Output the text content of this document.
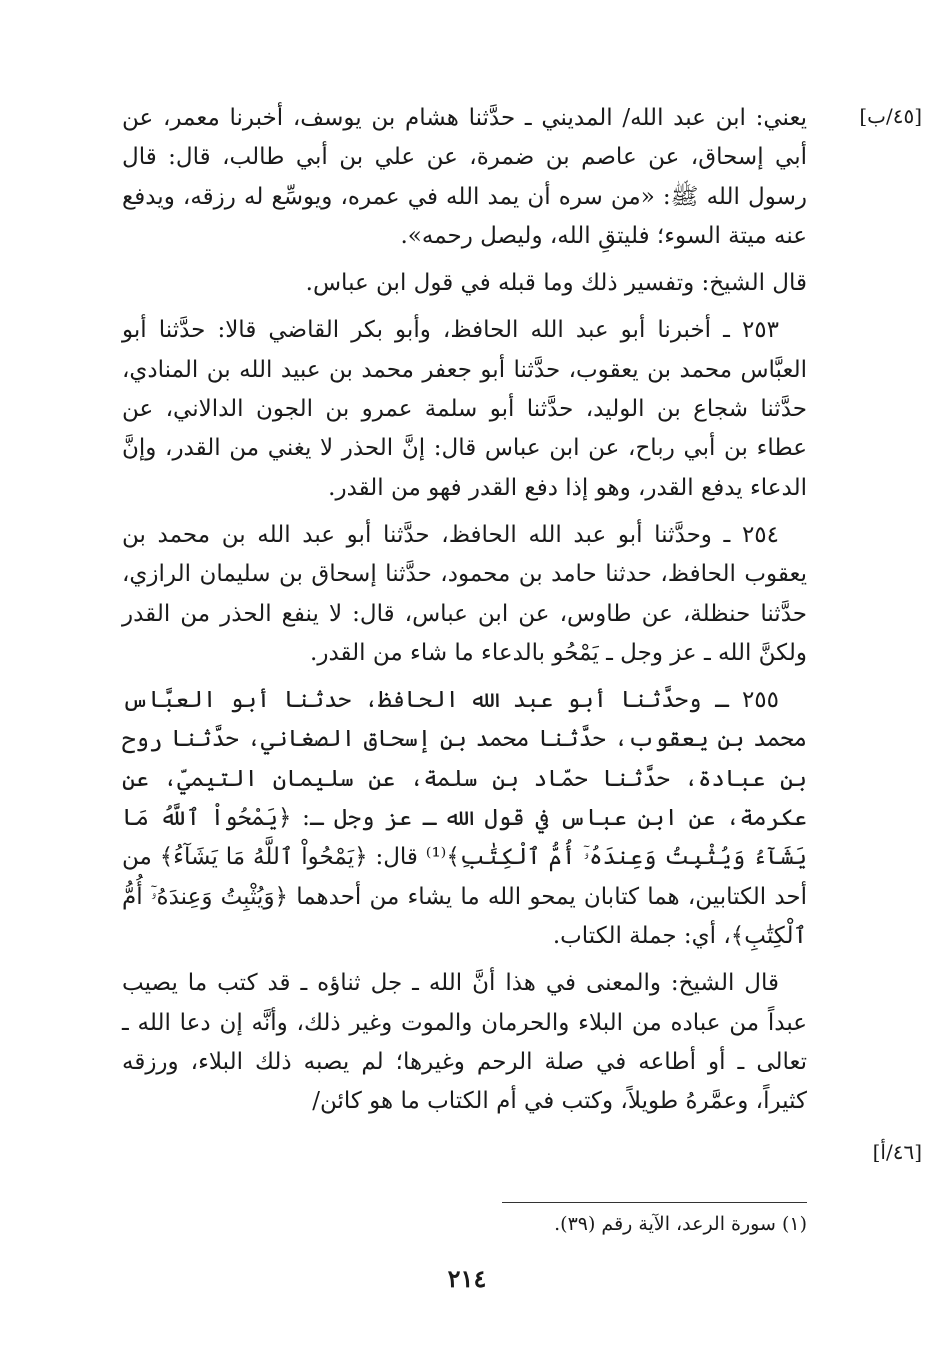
[٤٥/ب]

يعني: ابن عبد الله/ المديني ـ حدَّثنا هشام بن يوسف، أخبرنا معمر، عن أبي إسحاق، عن عاصم بن ضمرة، عن علي بن أبي طالب، قال: قال رسول الله ﷺ: «من سره أن يمد الله في عمره، ويوسِّع له رزقه، ويدفع عنه ميتة السوء؛ فليتقِ الله، وليصل رحمه».

قال الشيخ: وتفسير ذلك وما قبله في قول ابن عباس.

٢٥٣ ـ أخبرنا أبو عبد الله الحافظ، وأبو بكر القاضي قالا: حدَّثنا أبو العبَّاس محمد بن يعقوب، حدَّثنا أبو جعفر محمد بن عبيد الله بن المنادي، حدَّثنا شجاع بن الوليد، حدَّثنا أبو سلمة عمرو بن الجون الدالاني، عن عطاء بن أبي رباح، عن ابن عباس قال: إنَّ الحذر لا يغني من القدر، وإنَّ الدعاء يدفع القدر، وهو إذا دفع القدر فهو من القدر.

٢٥٤ ـ وحدَّثنا أبو عبد الله الحافظ، حدَّثنا أبو عبد الله بن محمد بن يعقوب الحافظ، حدثنا حامد بن محمود، حدَّثنا إسحاق بن سليمان الرازي، حدَّثنا حنظلة، عن طاوس، عن ابن عباس، قال: لا ينفع الحذر من القدر ولكنَّ الله ـ عز وجل ـ يَمْحُو بالدعاء ما شاء من القدر.

٢٥٥ ـ وحدَّثنا أبو عبد الله الحافظ، حدثنا أبو العبَّاس محمد بن يعقوب، حدَّثنا محمد بن إسحاق الصغاني، حدَّثنا روح بن عبادة، حدَّثنا حمّاد بن سلمة، عن سليمان التيميّ، عن عكرمة، عن ابن عباس في قول الله ـ عز وجل ـ: ﴿يَمْحُواْ ٱللَّهُ مَا يَشَآءُ وَيُثْبِتُ وَعِندَهُۥٓ أُمُّ ٱلْكِتَٰبِ﴾⁽¹⁾ قال: ﴿يَمْحُواْ ٱللَّهُ مَا يَشَآءُ﴾ من أحد الكتابين، هما كتابان يمحو الله ما يشاء من أحدهما ﴿وَيُثْبِتُ وَعِندَهُۥٓ أُمُّ ٱلْكِتَٰبِ﴾، أي: جملة الكتاب.

قال الشيخ: والمعنى في هذا أنَّ الله ـ جل ثناؤه ـ قد كتب ما يصيب عبداً من عباده من البلاء والحرمان والموت وغير ذلك، وأنَّه إن دعا الله ـ تعالى ـ أو أطاعه في صلة الرحم وغيرها؛ لم يصبه ذلك البلاء، ورزقه كثيراً، وعمَّرهُ طويلاً، وكتب في أم الكتاب ما هو كائن/

[٤٦/أ]
(١) سورة الرعد، الآية رقم (٣٩).
٢١٤
